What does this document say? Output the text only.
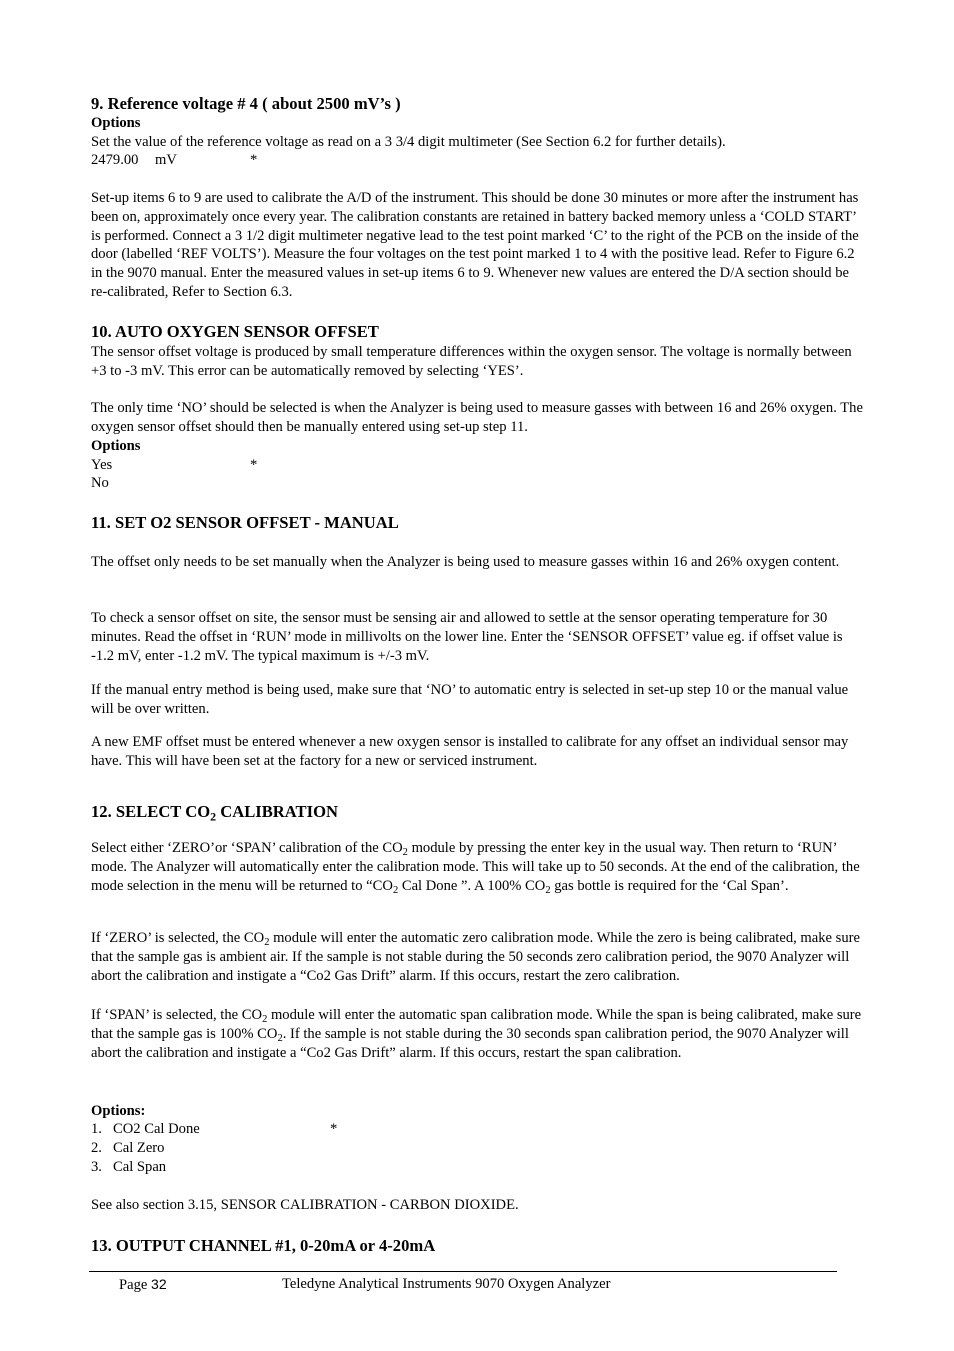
9. Reference voltage # 4 ( about 2500 mV’s )
Options
Set the value of the reference voltage as read on a 3 3/4 digit multimeter (See Section 6.2 for further details).
2479.00 mV	*
Set-up items 6 to 9 are used to calibrate the A/D of the instrument. This should be done 30 minutes or more after the instrument has been on, approximately once every year. The calibration constants are retained in battery backed memory unless a ‘COLD START’ is performed. Connect a 3 1/2 digit multimeter negative lead to the test point marked ‘C’ to the right of the PCB on the inside of the door (labelled ‘REF VOLTS’). Measure the four voltages on the test point marked 1 to 4 with the positive lead. Refer to Figure 6.2 in the 9070 manual. Enter the measured values in set-up items 6 to 9. Whenever new values are entered the D/A section should be re-calibrated, Refer to Section 6.3.
10. AUTO OXYGEN SENSOR OFFSET
The sensor offset voltage is produced by small temperature differences within the oxygen sensor. The voltage is normally between +3 to -3 mV. This error can be automatically removed by selecting ‘YES’.
The only time ‘NO’ should be selected is when the Analyzer is being used to measure gasses with between 16 and 26% oxygen. The oxygen sensor offset should then be manually entered using set-up step 11.
Options
Yes	*
No
11. SET O2 SENSOR OFFSET - MANUAL
The offset only needs to be set manually when the Analyzer is being used to measure gasses within 16 and 26% oxygen content.
To check a sensor offset on site, the sensor must be sensing air and allowed to settle at the sensor operating temperature for 30 minutes. Read the offset in ‘RUN’ mode in millivolts on the lower line. Enter the ‘SENSOR OFFSET’ value eg. if offset value is -1.2 mV, enter -1.2 mV. The typical maximum is +/-3 mV.
If the manual entry method is being used, make sure that ‘NO’ to automatic entry is selected in set-up step 10 or the manual value will be over written.
A new EMF offset must be entered whenever a new oxygen sensor is installed to calibrate for any offset an individual sensor may have. This will have been set at the factory for a new or serviced instrument.
12. SELECT $CO_2$ CALIBRATION
Select either ‘ZERO’or ‘SPAN’ calibration of the $CO_2$ module by pressing the enter key in the usual way. Then return to ‘RUN’ mode. The Analyzer will automatically enter the calibration mode. This will take up to 50 seconds. At the end of the calibration, the mode selection in the menu will be returned to “$CO_2$ Cal Done ”. A 100% $CO_2$ gas bottle is required for the ‘Cal Span’.
If ‘ZERO’ is selected, the $CO_2$ module will enter the automatic zero calibration mode. While the zero is being calibrated, make sure that the sample gas is ambient air. If the sample is not stable during the 50 seconds zero calibration period, the 9070 Analyzer will abort the calibration and instigate a “Co2 Gas Drift” alarm. If this occurs, restart the zero calibration.
If ‘SPAN’ is selected, the $CO_2$ module will enter the automatic span calibration mode. While the span is being calibrated, make sure that the sample gas is 100% $CO_2$. If the sample is not stable during the 30 seconds span calibration period, the 9070 Analyzer will abort the calibration and instigate a “Co2 Gas Drift” alarm. If this occurs, restart the span calibration.
Options:
1. CO2 Cal Done	*
2. Cal Zero
3. Cal Span
See also section 3.15, SENSOR CALIBRATION - CARBON DIOXIDE.
13. OUTPUT CHANNEL #1, 0-20mA or 4-20mA
Page 32	Teledyne Analytical Instruments 9070 Oxygen Analyzer
